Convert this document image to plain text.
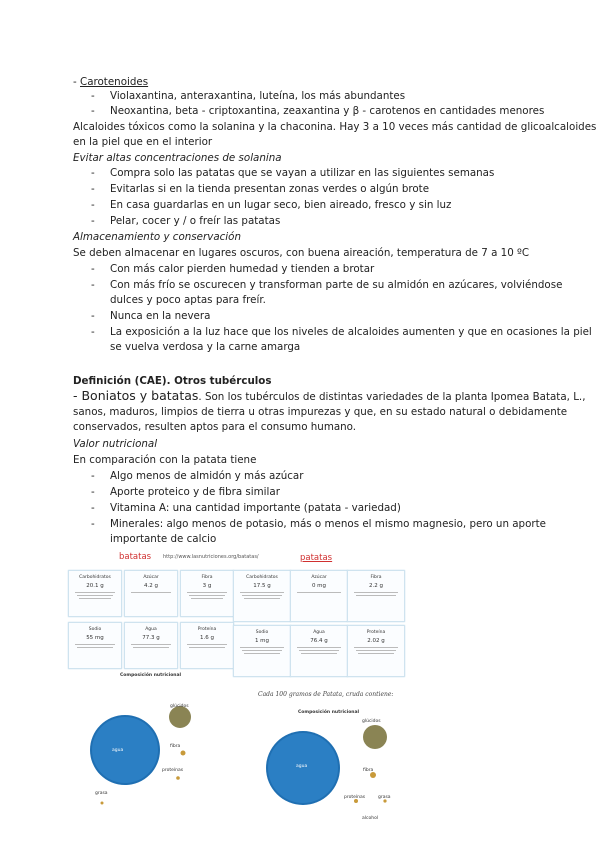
- Carotenoides
- Violaxantina, anteraxantina, luteína, los más abundantes
- Neoxantina, beta - criptoxantina, zeaxantina y β - carotenos en cantidades menores
Alcaloides tóxicos como la solanina y la chaconina. Hay 3 a 10 veces más cantidad de glicoalcaloides
en la piel que en el interior
Evitar altas concentraciones de solanina
- Compra solo las patatas que se vayan a utilizar en las siguientes semanas
- Evitarlas si en la tienda presentan zonas verdes o algún brote
- En casa guardarlas en un lugar seco, bien aireado, fresco y sin luz
- Pelar, cocer y / o freír las patatas
Almacenamiento y conservación
Se deben almacenar en lugares oscuros, con buena aireación, temperatura de 7 a 10 ºC
- Con más calor pierden humedad y tienden a brotar
- Con más frío se oscurecen y transforman parte de su almidón en azúcares, volviéndose
dulces y poco aptas para freír.
- Nunca en la nevera
- La exposición a la luz hace que los niveles de alcaloides aumenten y que en ocasiones la piel
se vuelva verdosa y la carne amarga
Definición (CAE). Otros tubérculos
- Boniatos y batatas. Son los tubérculos de distintas variedades de la planta Ipomea Batata, L.,
sanos, maduros, limpios de tierra u otras impurezas y que, en su estado natural o debidamente
conservados, resulten aptos para el consumo humano.
Valor nutricional
En comparación con la patata tiene
- Algo menos de almidón y más azúcar
- Aporte proteico y de fibra similar
- Vitamina A: una cantidad importante (patata - variedad)
- Minerales: algo menos de potasio, más o menos el mismo magnesio, pero un aporte
importante de calcio
batatas http://www.lasnutriciones.org/batatas/	patatas
Carbohidratos
20.1 g
Azúcar
4.2 g
Fibra
3 g
Sodio
55 mg
Agua
77.3 g
Proteína
1.6 g
Carbohidratos
17.5 g
Azúcar
0 mg
Fibra
2.2 g
Sodio
1 mg
Agua
76.4 g
Proteína
2.02 g
Cada 100 gramos de Patata, cruda contiene:
Composición nutricional
agua
glúcidos
fibra
proteínas
grasa
Composición nutricional
agua
glúcidos
fibra
proteínas	grasa
alcohol
